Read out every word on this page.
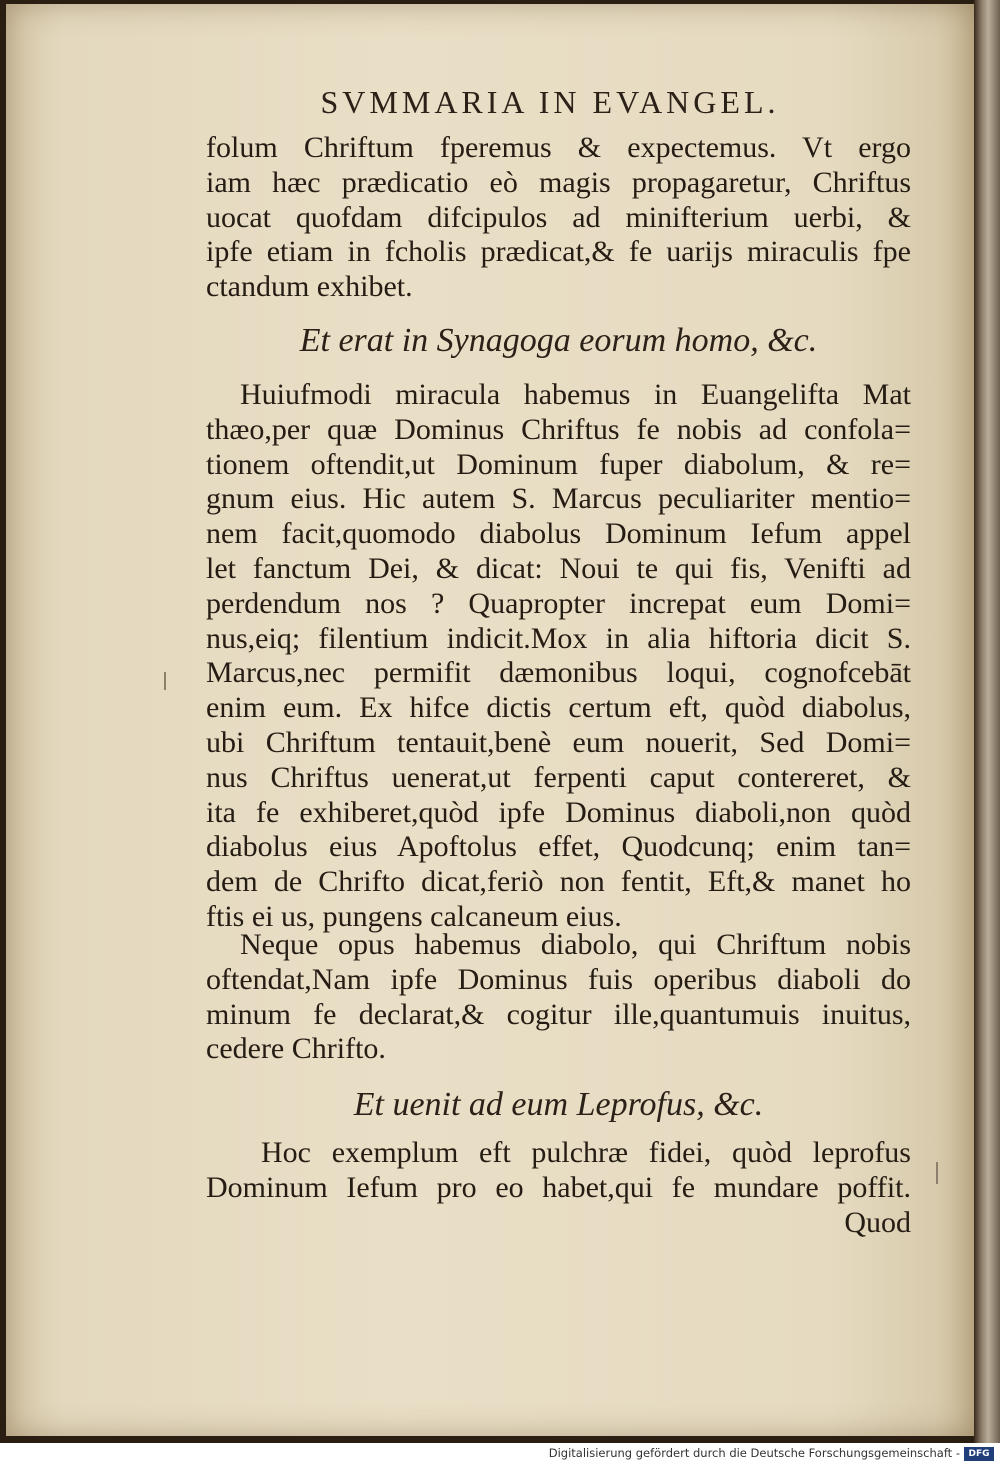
SVMMARIA IN EVANGEL.
folum Chriftum fperemus & expectemus. Vt ergo
iam hæc prædicatio eò magis propagaretur, Chriftus
uocat quofdam difcipulos ad minifterium uerbi, &
ipfe etiam in fcholis prædicat,& fe uarijs miraculis fpe
ctandum exhibet.
Et erat in Synagoga eorum homo, &c.
Huiufmodi miracula habemus in Euangelifta Mat
thæo,per quæ Dominus Chriftus fe nobis ad confola=
tionem oftendit,ut Dominum fuper diabolum, & re=
gnum eius. Hic autem S. Marcus peculiariter mentio=
nem facit,quomodo diabolus Dominum Iefum appel
let fanctum Dei, & dicat: Noui te qui fis, Venifti ad
perdendum nos ? Quapropter increpat eum Domi=
nus,eiq; filentium indicit.Mox in alia hiftoria dicit S.
Marcus,nec permifit dæmonibus loqui, cognofcebāt
enim eum. Ex hifce dictis certum eft, quòd diabolus,
ubi Chriftum tentauit,benè eum nouerit, Sed Domi=
nus Chriftus uenerat,ut ferpenti caput contereret, &
ita fe exhiberet,quòd ipfe Dominus diaboli,non quòd
diabolus eius Apoftolus effet, Quodcunq; enim tan=
dem de Chrifto dicat,feriò non fentit, Eft,& manet ho
ftis ei us, pungens calcaneum eius.
Neque opus habemus diabolo, qui Chriftum nobis
oftendat,Nam ipfe Dominus fuis operibus diaboli do
minum fe declarat,& cogitur ille,quantumuis inuitus,
cedere Chrifto.
Et uenit ad eum Leprofus, &c.
Hoc exemplum eft pulchræ fidei, quòd leprofus
Dominum Iefum pro eo habet,qui fe mundare poffit.
Quod
Digitalisierung gefördert durch die Deutsche Forschungsgemeinschaft - DFG
